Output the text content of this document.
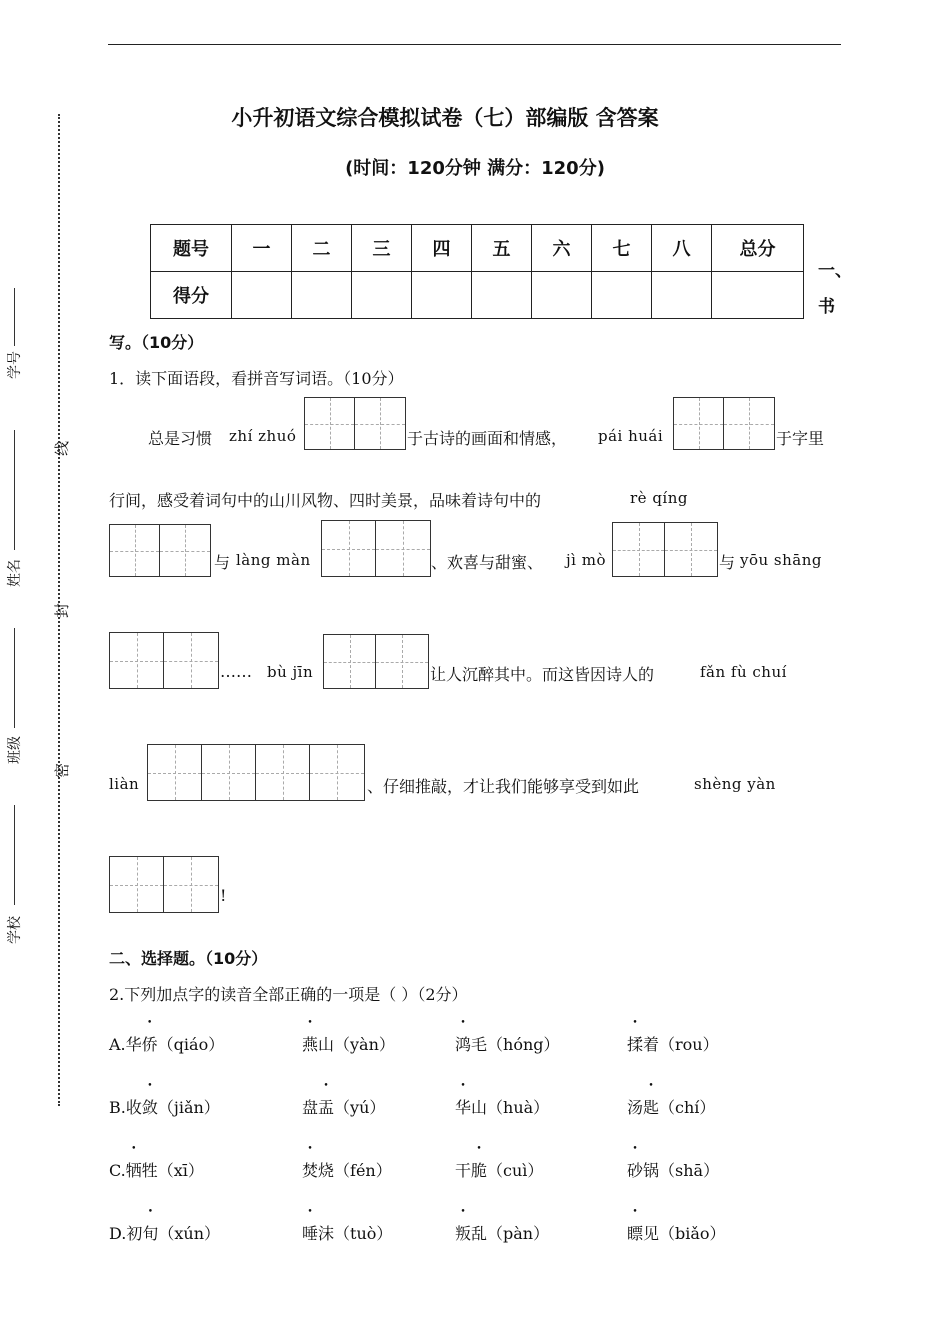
线
封
密
学号
姓名
班级
学校
小升初语文综合模拟试卷（七）部编版 含答案
(时间：120分钟 满分：120分)
题号	一	二	三	四	五	六	七	八	总分
得分									
一、
书
写。（10分）
1．读下面语段，看拼音写词语。（10分）
总是习惯 zhí zhuó	于古诗的画面和情感， pái huái	于字里
行间，感受着词句中的山川风物、四时美景，品味着诗句中的	rè qíng
与 làng màn	、欢喜与甜蜜、 jì mò	与 yōu shāng
…… bù jīn	让人沉醉其中。而这皆因诗人的	fǎn fù chuí
liàn	、仔细推敲，才让我们能够享受到如此	shèng yàn
!
二、选择题。（10分）
2.下列加点字的读音全部正确的一项是（ ）（2分）
A.华侨（qiáo）	燕山（yàn）	鸿毛（hóng）	揉着（rou）
B.收敛（jiǎn）	盘盂（yú）	华山（huà）	汤匙（chí）
C.牺牲（xī）	焚烧（fén）	干脆（cuì）	砂锅（shā）
D.初旬（xún）	唾沫（tuò）	叛乱（pàn）	瞟见（biǎo）
